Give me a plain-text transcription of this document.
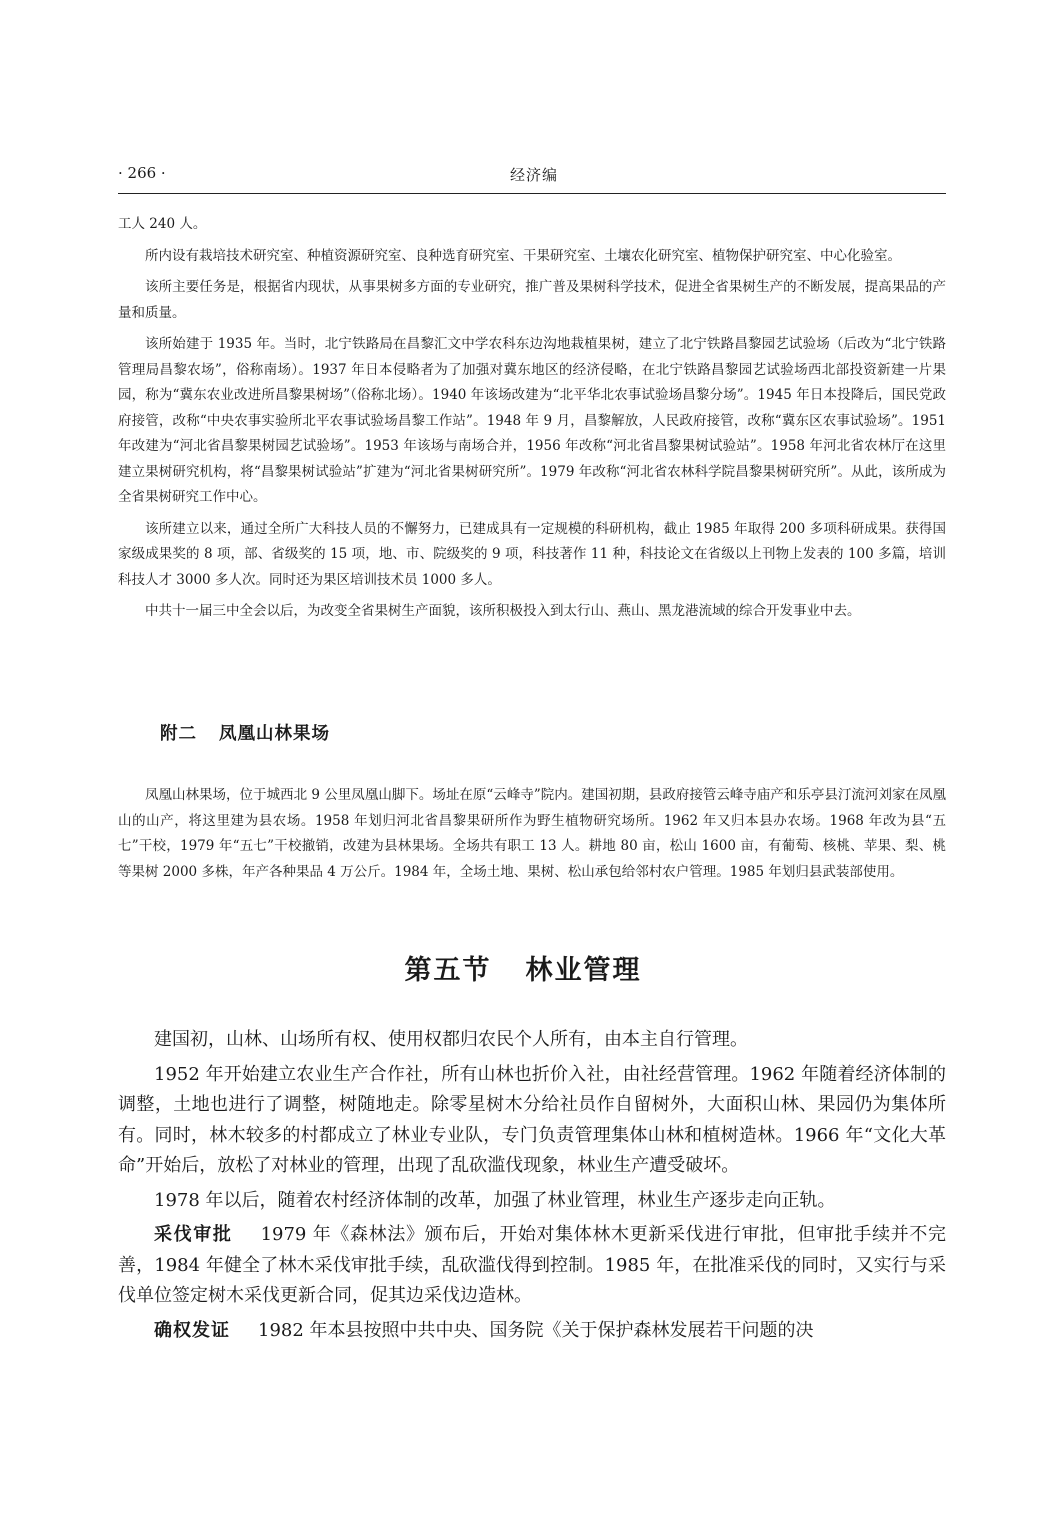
· 266 ·	经济编

工人 240 人。

所内设有栽培技术研究室、种植资源研究室、良种选育研究室、干果研究室、土壤农化研究室、植物保护研究室、中心化验室。

该所主要任务是，根据省内现状，从事果树多方面的专业研究，推广普及果树科学技术，促进全省果树生产的不断发展，提高果品的产量和质量。

该所始建于 1935 年。当时，北宁铁路局在昌黎汇文中学农科东边沟地栽植果树，建立了北宁铁路昌黎园艺试验场（后改为“北宁铁路管理局昌黎农场”，俗称南场）。1937 年日本侵略者为了加强对冀东地区的经济侵略，在北宁铁路昌黎园艺试验场西北部投资新建一片果园，称为“冀东农业改进所昌黎果树场”（俗称北场）。1940 年该场改建为“北平华北农事试验场昌黎分场”。1945 年日本投降后，国民党政府接管，改称“中央农事实验所北平农事试验场昌黎工作站”。1948 年 9 月，昌黎解放，人民政府接管，改称“冀东区农事试验场”。1951 年改建为“河北省昌黎果树园艺试验场”。1953 年该场与南场合并，1956 年改称“河北省昌黎果树试验站”。1958 年河北省农林厅在这里建立果树研究机构，将“昌黎果树试验站”扩建为“河北省果树研究所”。1979 年改称“河北省农林科学院昌黎果树研究所”。从此，该所成为全省果树研究工作中心。

该所建立以来，通过全所广大科技人员的不懈努力，已建成具有一定规模的科研机构，截止 1985 年取得 200 多项科研成果。获得国家级成果奖的 8 项，部、省级奖的 15 项，地、市、院级奖的 9 项，科技著作 11 种，科技论文在省级以上刊物上发表的 100 多篇，培训科技人才 3000 多人次。同时还为果区培训技术员 1000 多人。

中共十一届三中全会以后，为改变全省果树生产面貌，该所积极投入到太行山、燕山、黑龙港流域的综合开发事业中去。

附二 凤凰山林果场

凤凰山林果场，位于城西北 9 公里凤凰山脚下。场址在原“云峰寺”院内。建国初期，县政府接管云峰寺庙产和乐亭县汀流河刘家在凤凰山的山产，将这里建为县农场。1958 年划归河北省昌黎果研所作为野生植物研究场所。1962 年又归本县办农场。1968 年改为县“五七”干校，1979 年“五七”干校撤销，改建为县林果场。全场共有职工 13 人。耕地 80 亩，松山 1600 亩，有葡萄、核桃、苹果、梨、桃等果树 2000 多株，年产各种果品 4 万公斤。1984 年，全场土地、果树、松山承包给邻村农户管理。1985 年划归县武装部使用。

第五节 林业管理

建国初，山林、山场所有权、使用权都归农民个人所有，由本主自行管理。

1952 年开始建立农业生产合作社，所有山林也折价入社，由社经营管理。1962 年随着经济体制的调整，土地也进行了调整，树随地走。除零星树木分给社员作自留树外，大面积山林、果园仍为集体所有。同时，林木较多的村都成立了林业专业队，专门负责管理集体山林和植树造林。1966 年“文化大革命”开始后，放松了对林业的管理，出现了乱砍滥伐现象，林业生产遭受破坏。

1978 年以后，随着农村经济体制的改革，加强了林业管理，林业生产逐步走向正轨。

采伐审批 1979 年《森林法》颁布后，开始对集体林木更新采伐进行审批，但审批手续并不完善，1984 年健全了林木采伐审批手续，乱砍滥伐得到控制。1985 年，在批准采伐的同时，又实行与采伐单位签定树木采伐更新合同，促其边采伐边造林。

确权发证 1982 年本县按照中共中央、国务院《关于保护森林发展若干问题的决
